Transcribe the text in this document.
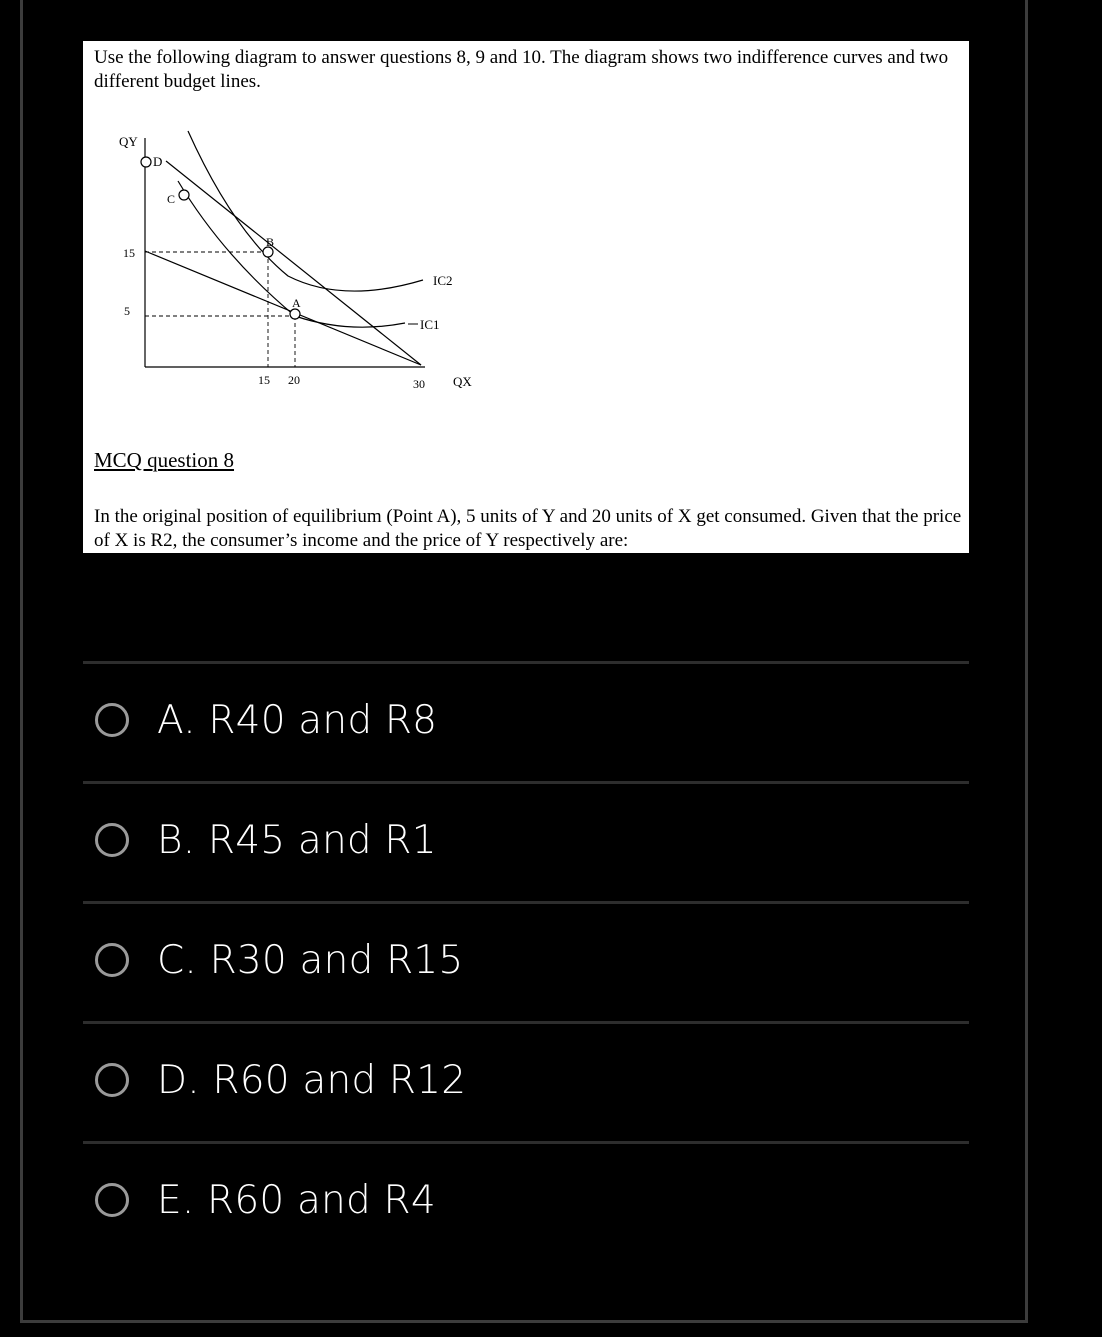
Use the following diagram to answer questions 8, 9 and 10. The diagram shows two indifference curves and two different budget lines.
QY
QX
15
5
15 20	30
IC2
IC1
D
C
B
A
MCQ question 8
In the original position of equilibrium (Point A), 5 units of Y and 20 units of X get consumed. Given that the price of X is R2, the consumer’s income and the price of Y respectively are:
A. R40 and R8
B. R45 and R1
C. R30 and R15
D. R60 and R12
E. R60 and R4
